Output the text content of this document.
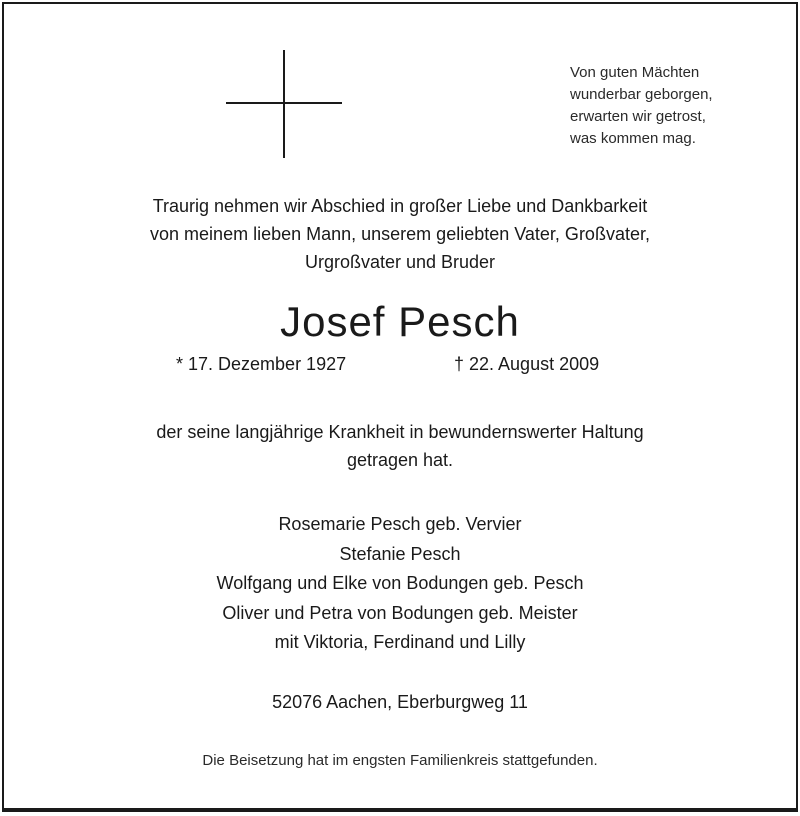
Von guten Mächten
wunderbar geborgen,
erwarten wir getrost,
was kommen mag.
Traurig nehmen wir Abschied in großer Liebe und Dankbarkeit
von meinem lieben Mann, unserem geliebten Vater, Großvater,
Urgroßvater und Bruder
Josef Pesch
* 17. Dezember 1927	† 22. August 2009
der seine langjährige Krankheit in bewundernswerter Haltung
getragen hat.
Rosemarie Pesch geb. Vervier
Stefanie Pesch
Wolfgang und Elke von Bodungen geb. Pesch
Oliver und Petra von Bodungen geb. Meister
mit Viktoria, Ferdinand und Lilly
52076 Aachen, Eberburgweg 11
Die Beisetzung hat im engsten Familienkreis stattgefunden.
